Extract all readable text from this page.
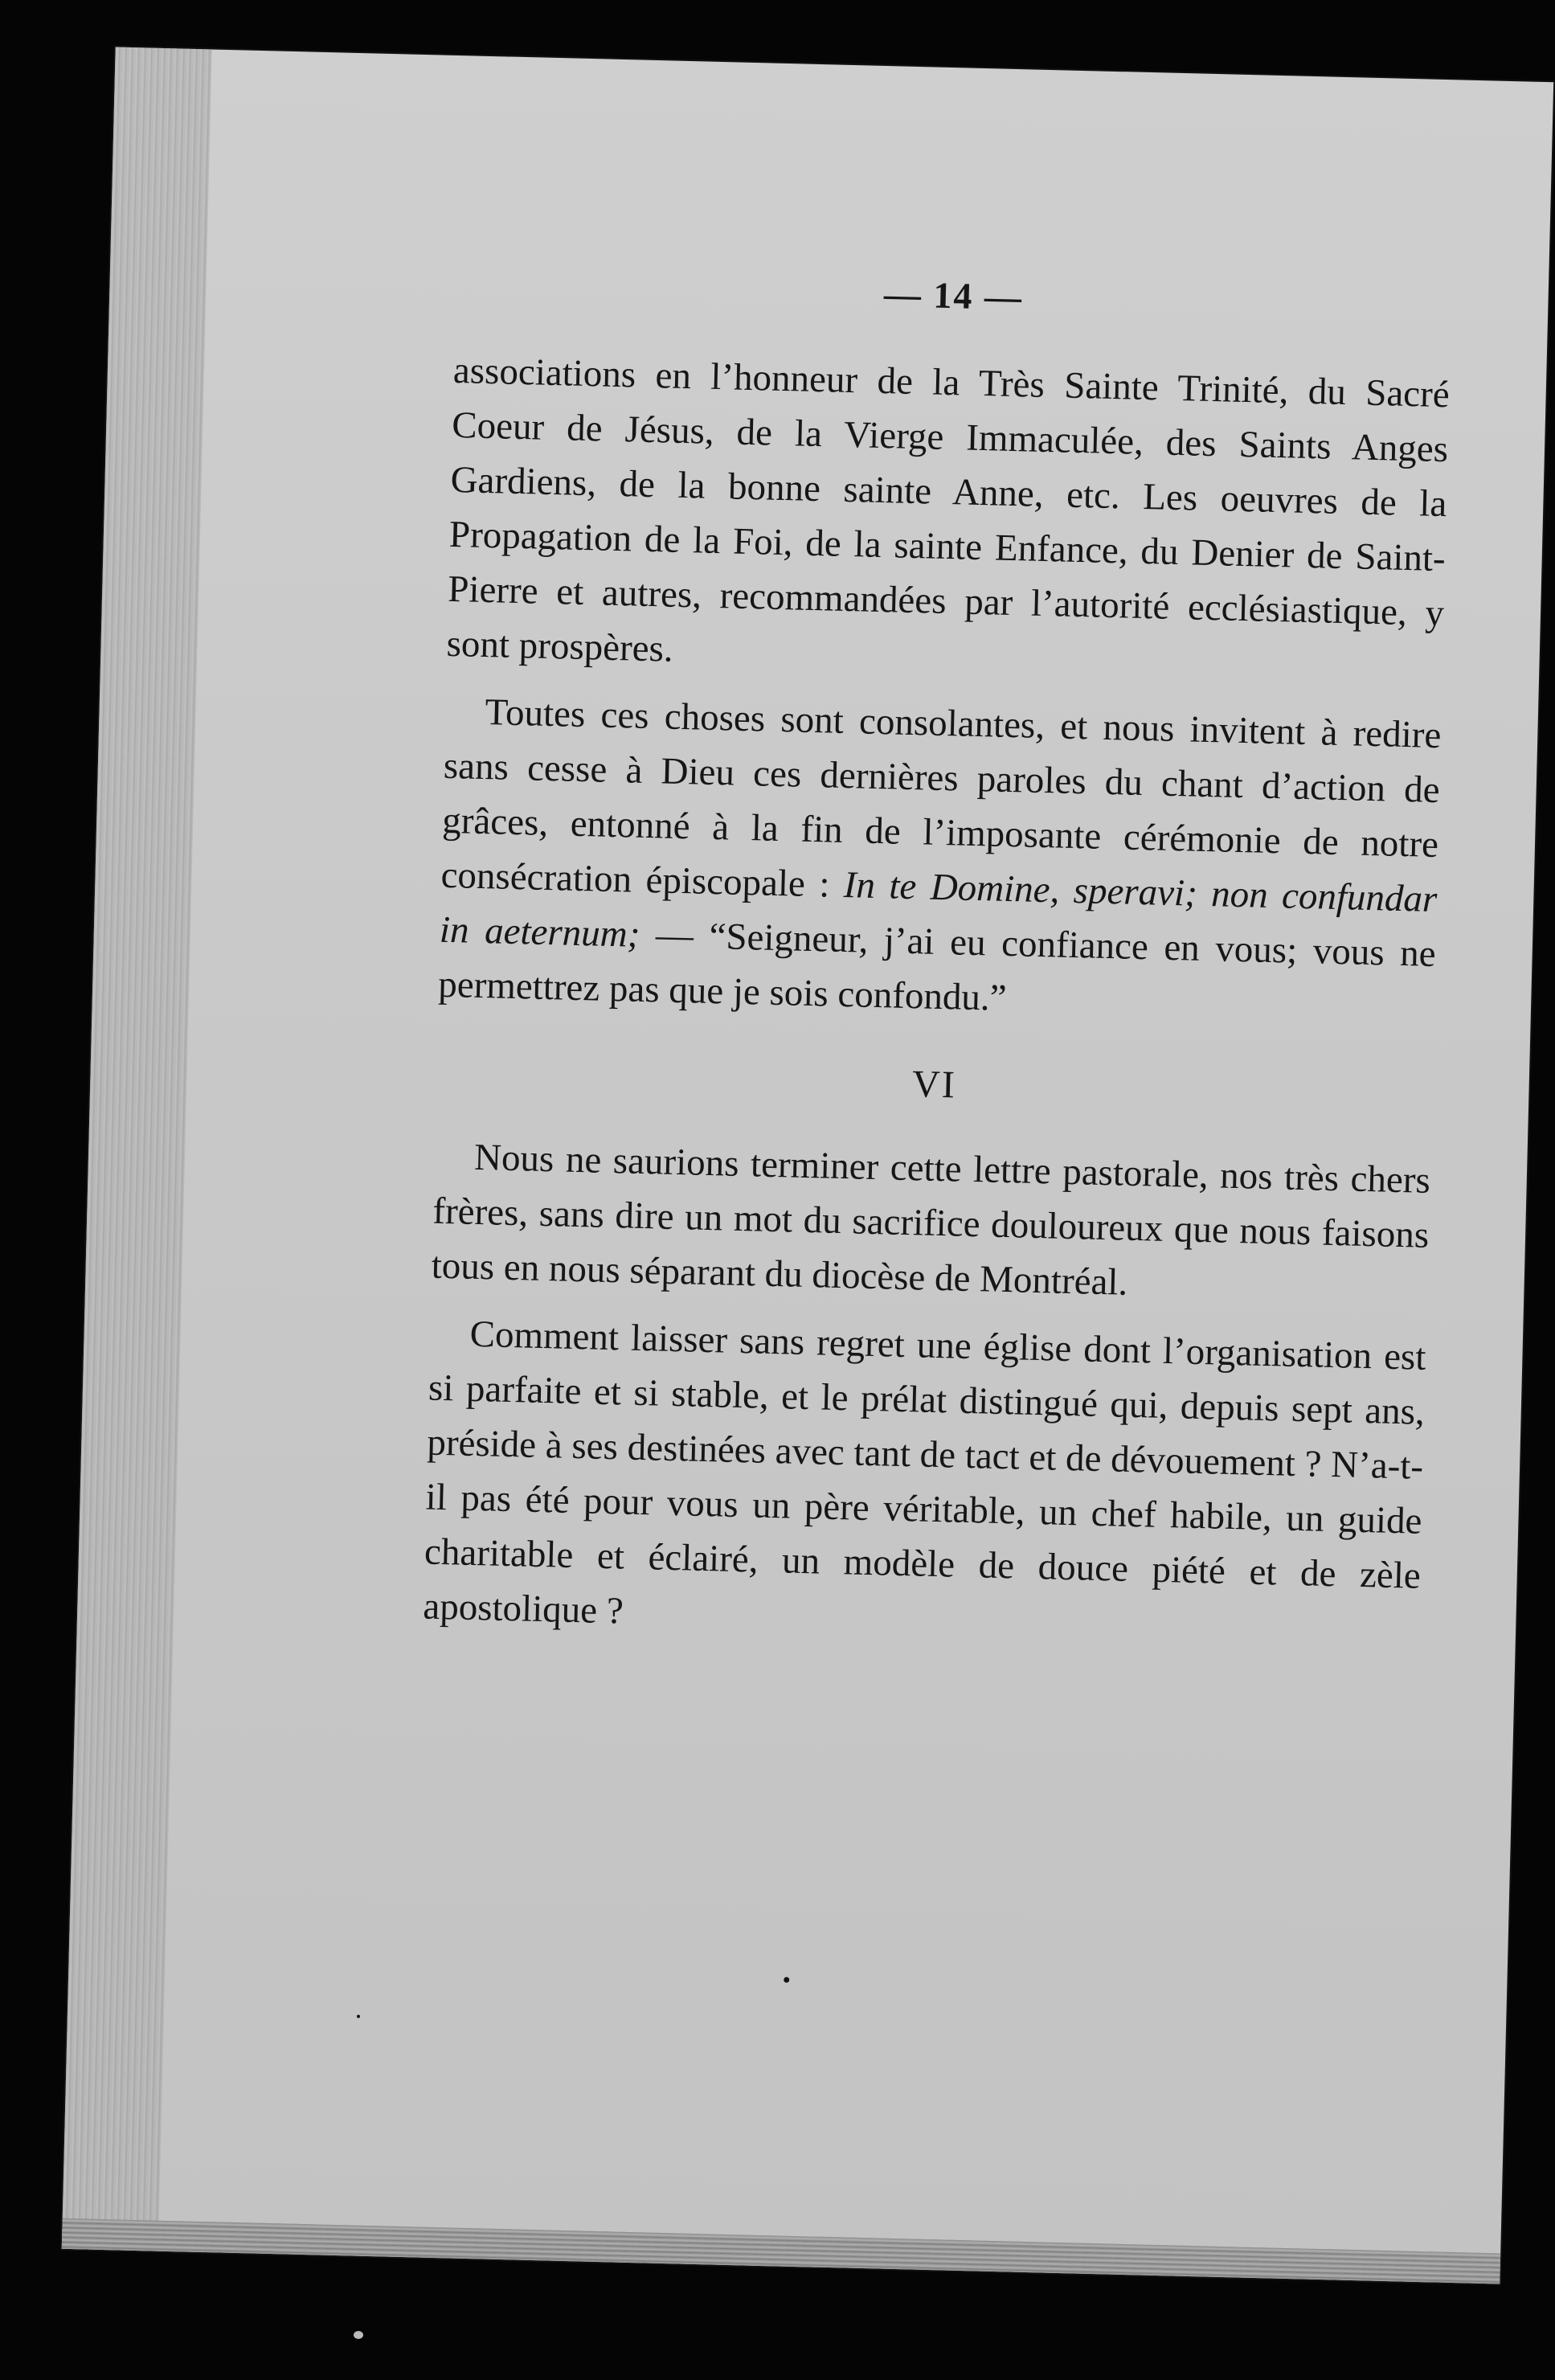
— 14 —

associations en l’honneur de la Très Sainte Trinité, du Sacré Coeur de Jésus, de la Vierge Immaculée, des Saints Anges Gardiens, de la bonne sainte Anne, etc. Les oeuvres de la Propagation de la Foi, de la sainte Enfance, du Denier de Saint-Pierre et autres, recommandées par l’autorité ecclésiastique, y sont prospères.

Toutes ces choses sont consolantes, et nous invitent à redire sans cesse à Dieu ces dernières paroles du chant d’action de grâces, entonné à la fin de l’imposante cérémonie de notre consécration épiscopale : In te Domine, speravi; non confundar in aeternum; — “Seigneur, j’ai eu confiance en vous; vous ne permettrez pas que je sois confondu.”

VI

Nous ne saurions terminer cette lettre pastorale, nos très chers frères, sans dire un mot du sacrifice douloureux que nous faisons tous en nous séparant du diocèse de Montréal.

Comment laisser sans regret une église dont l’organisation est si parfaite et si stable, et le prélat distingué qui, depuis sept ans, préside à ses destinées avec tant de tact et de dévouement ? N’a-t-il pas été pour vous un père véritable, un chef habile, un guide charitable et éclairé, un modèle de douce piété et de zèle apostolique ?
